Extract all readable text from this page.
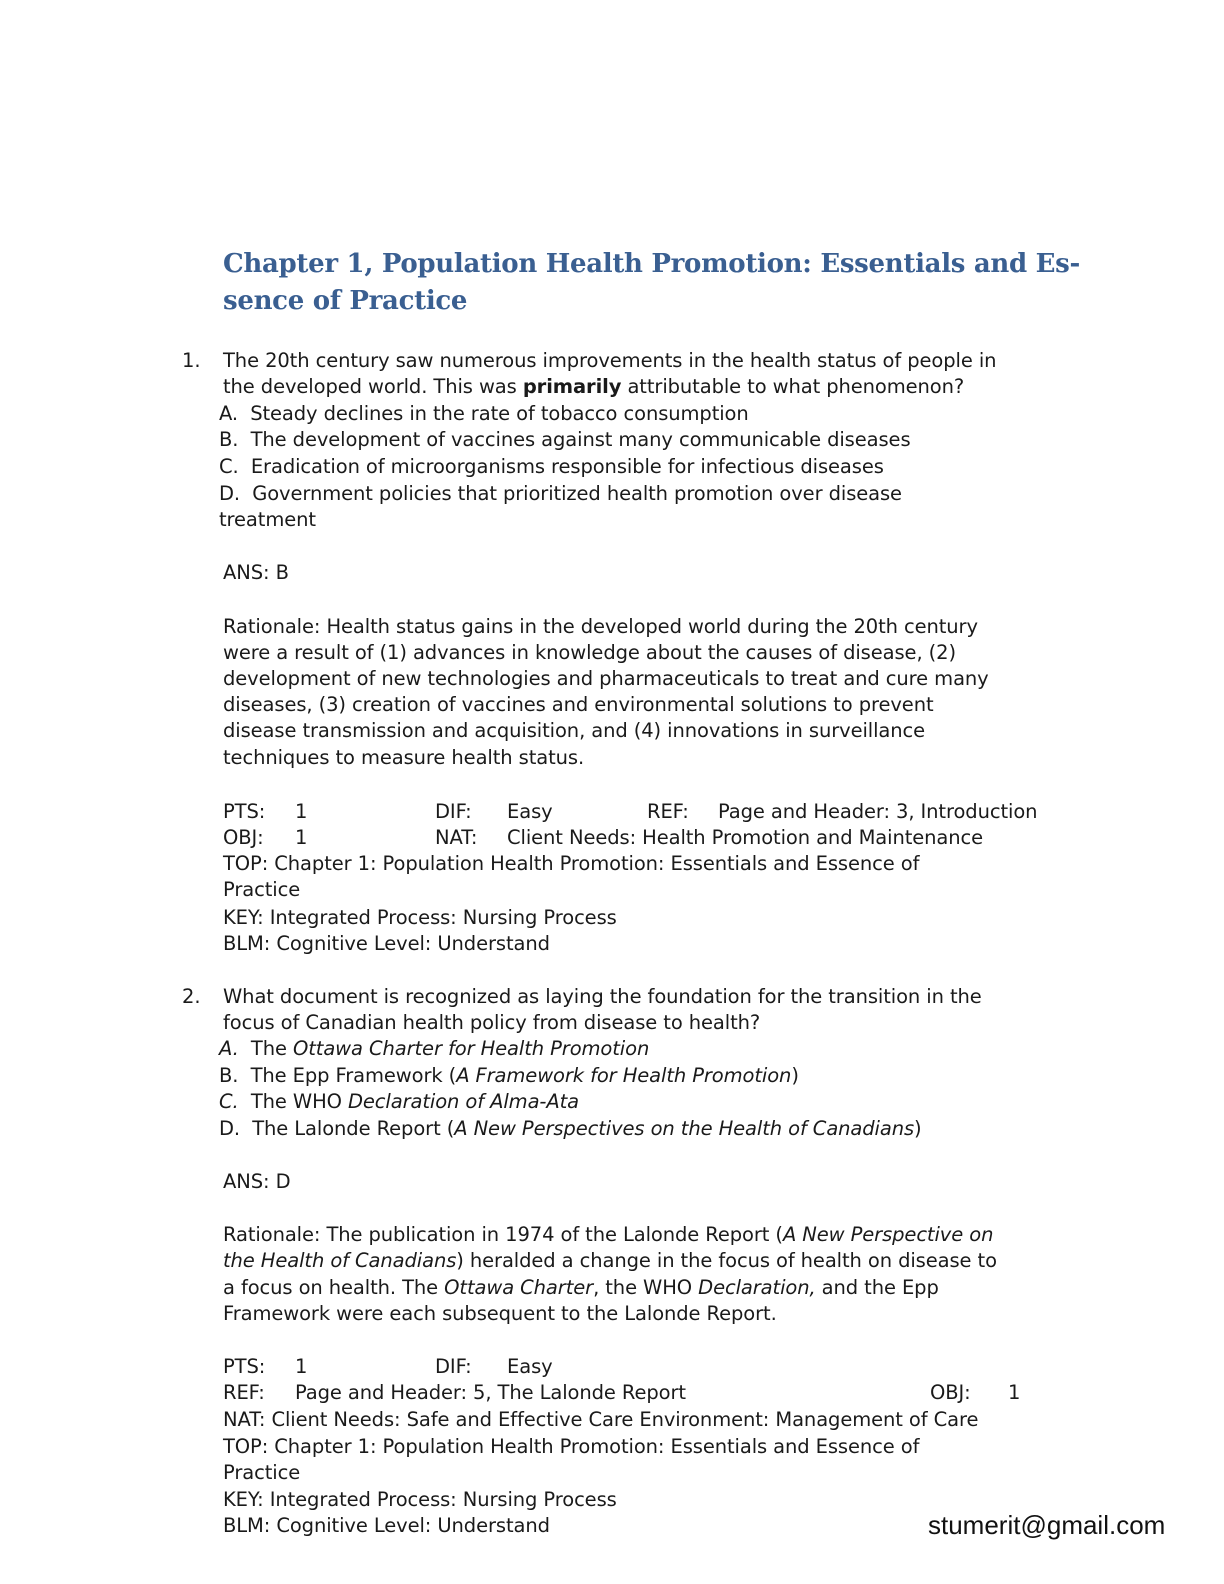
Chapter 1, Population Health Promotion: Essentials and Es-
sence of Practice
1. The 20th century saw numerous improvements in the health status of people in
the developed world. This was primarily attributable to what phenomenon?
A. Steady declines in the rate of tobacco consumption
B. The development of vaccines against many communicable diseases
C. Eradication of microorganisms responsible for infectious diseases
D. Government policies that prioritized health promotion over disease
treatment
ANS: B
Rationale: Health status gains in the developed world during the 20th century
were a result of (1) advances in knowledge about the causes of disease, (2)
development of new technologies and pharmaceuticals to treat and cure many
diseases, (3) creation of vaccines and environmental solutions to prevent
disease transmission and acquisition, and (4) innovations in surveillance
techniques to measure health status.
PTS: 1	DIF: Easy	REF: Page and Header: 3, Introduction
OBJ: 1	NAT: Client Needs: Health Promotion and Maintenance
TOP: Chapter 1: Population Health Promotion: Essentials and Essence of
Practice
KEY: Integrated Process: Nursing Process
BLM: Cognitive Level: Understand
2. What document is recognized as laying the foundation for the transition in the
focus of Canadian health policy from disease to health?
A. The Ottawa Charter for Health Promotion
B. The Epp Framework (A Framework for Health Promotion)
C. The WHO Declaration of Alma-Ata
D. The Lalonde Report (A New Perspectives on the Health of Canadians)
ANS: D
Rationale: The publication in 1974 of the Lalonde Report (A New Perspective on
the Health of Canadians) heralded a change in the focus of health on disease to
a focus on health. The Ottawa Charter, the WHO Declaration, and the Epp
Framework were each subsequent to the Lalonde Report.
PTS: 1	DIF: Easy
REF: Page and Header: 5, The Lalonde Report	OBJ: 1
NAT: Client Needs: Safe and Effective Care Environment: Management of Care
TOP: Chapter 1: Population Health Promotion: Essentials and Essence of
Practice
KEY: Integrated Process: Nursing Process
BLM: Cognitive Level: Understand	stumerit@gmail.com
